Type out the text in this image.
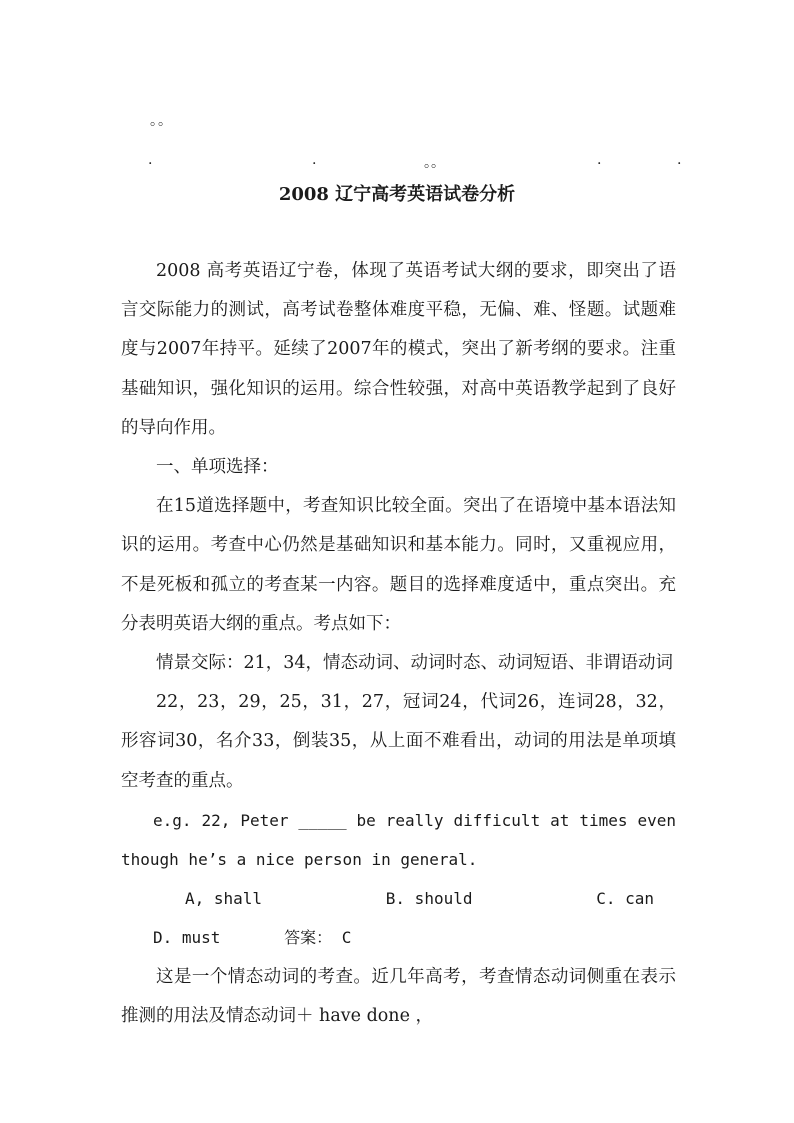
。。
.	.	。。	.	.
2008 辽宁高考英语试卷分析

2008 高考英语辽宁卷，体现了英语考试大纲的要求，即突出了语言交际能力的测试，高考试卷整体难度平稳，无偏、难、怪题。试题难度与2007年持平。延续了2007年的模式，突出了新考纲的要求。注重基础知识，强化知识的运用。综合性较强，对高中英语教学起到了良好的导向作用。

一、单项选择：

在15道选择题中，考查知识比较全面。突出了在语境中基本语法知识的运用。考查中心仍然是基础知识和基本能力。同时，又重视应用，不是死板和孤立的考查某一内容。题目的选择难度适中，重点突出。充分表明英语大纲的重点。考点如下：

情景交际：21，34，情态动词、动词时态、动词短语、非谓语动词

22，23，29，25，31，27，冠词24，代词26，连词28，32，形容词30，名介33，倒装35，从上面不难看出，动词的用法是单项填空考查的重点。

e.g. 22, Peter _____ be really difficult at times even though he’s a nice person in general.

A, shall	B. should	C. can D. must	答案： C

这是一个情态动词的考查。近几年高考，考查情态动词侧重在表示推测的用法及情态动词＋ have done ，
